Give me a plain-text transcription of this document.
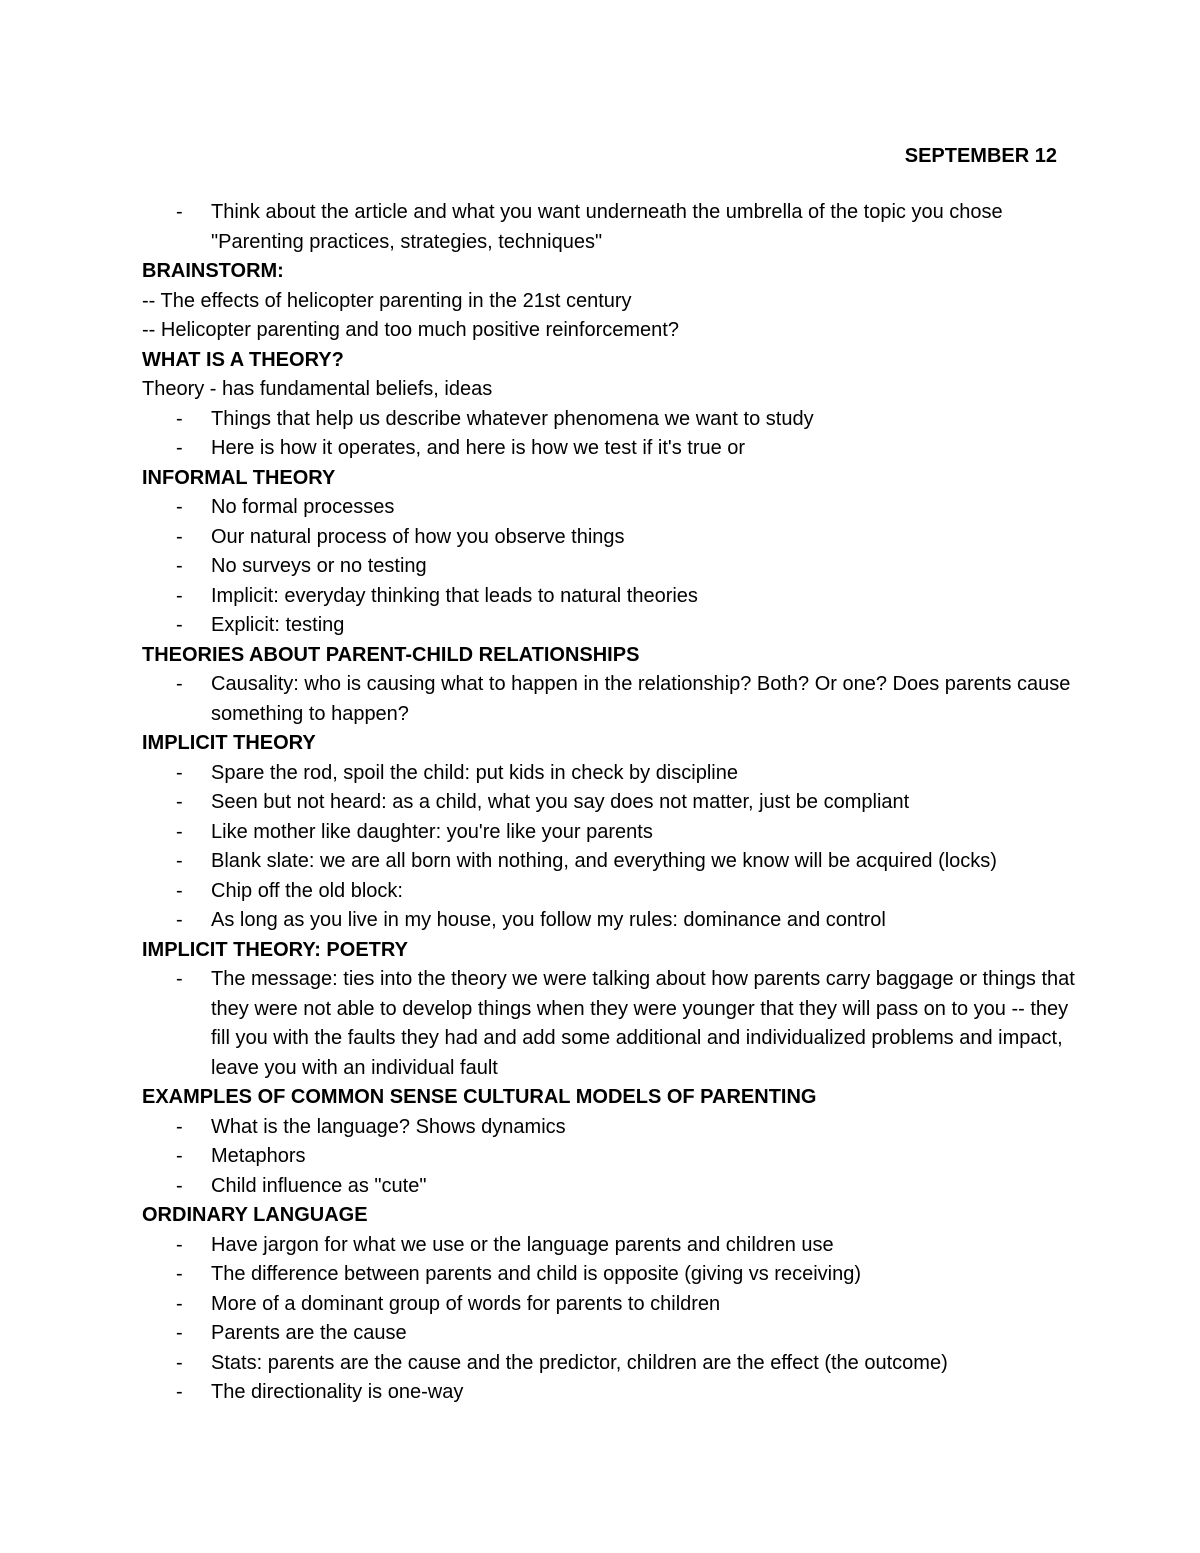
SEPTEMBER 12
- Think about the article and what you want underneath the umbrella of the topic you chose "Parenting practices, strategies, techniques"

BRAINSTORM:

-- The effects of helicopter parenting in the 21st century

-- Helicopter parenting and too much positive reinforcement?

WHAT IS A THEORY?

Theory - has fundamental beliefs, ideas

- Things that help us describe whatever phenomena we want to study
- Here is how it operates, and here is how we test if it's true or

INFORMAL THEORY

- No formal processes
- Our natural process of how you observe things
- No surveys or no testing
- Implicit: everyday thinking that leads to natural theories
- Explicit: testing

THEORIES ABOUT PARENT-CHILD RELATIONSHIPS

- Causality: who is causing what to happen in the relationship? Both? Or one? Does parents cause something to happen?

IMPLICIT THEORY

- Spare the rod, spoil the child: put kids in check by discipline
- Seen but not heard: as a child, what you say does not matter, just be compliant
- Like mother like daughter: you're like your parents
- Blank slate: we are all born with nothing, and everything we know will be acquired (locks)
- Chip off the old block:
- As long as you live in my house, you follow my rules: dominance and control

IMPLICIT THEORY: POETRY

- The message: ties into the theory we were talking about how parents carry baggage or things that they were not able to develop things when they were younger that they will pass on to you -- they fill you with the faults they had and add some additional and individualized problems and impact, leave you with an individual fault

EXAMPLES OF COMMON SENSE CULTURAL MODELS OF PARENTING

- What is the language? Shows dynamics
- Metaphors
- Child influence as "cute"

ORDINARY LANGUAGE

- Have jargon for what we use or the language parents and children use
- The difference between parents and child is opposite (giving vs receiving)
- More of a dominant group of words for parents to children
- Parents are the cause
- Stats: parents are the cause and the predictor, children are the effect (the outcome)
- The directionality is one-way
